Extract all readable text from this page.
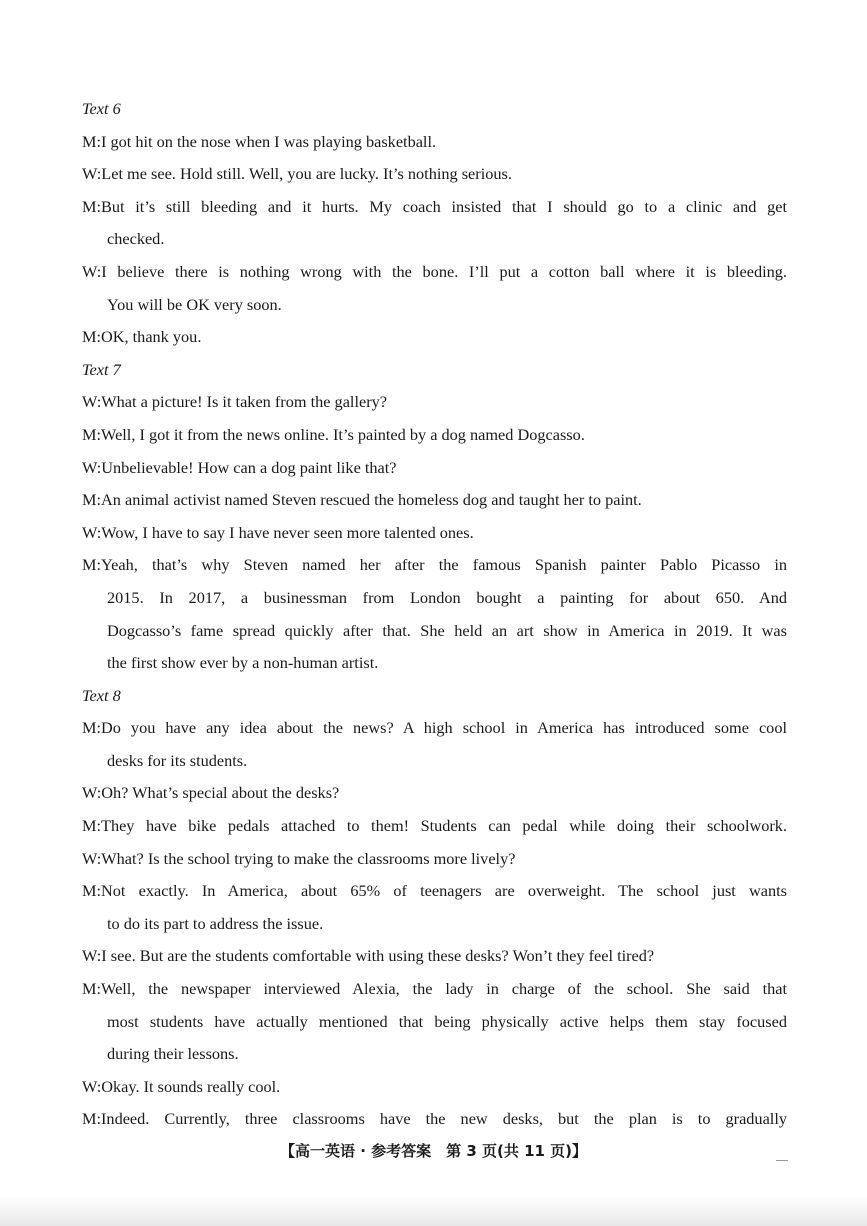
Text 6
M:I got hit on the nose when I was playing basketball.
W:Let me see. Hold still. Well, you are lucky. It’s nothing serious.
M:But it’s still bleeding and it hurts. My coach insisted that I should go to a clinic and get
checked.
W:I believe there is nothing wrong with the bone. I’ll put a cotton ball where it is bleeding.
You will be OK very soon.
M:OK, thank you.
Text 7
W:What a picture! Is it taken from the gallery?
M:Well, I got it from the news online. It’s painted by a dog named Dogcasso.
W:Unbelievable! How can a dog paint like that?
M:An animal activist named Steven rescued the homeless dog and taught her to paint.
W:Wow, I have to say I have never seen more talented ones.
M:Yeah, that’s why Steven named her after the famous Spanish painter Pablo Picasso in
2015. In 2017, a businessman from London bought a painting for about 650. And
Dogcasso’s fame spread quickly after that. She held an art show in America in 2019. It was
the first show ever by a non-human artist.
Text 8
M:Do you have any idea about the news? A high school in America has introduced some cool
desks for its students.
W:Oh? What’s special about the desks?
M:They have bike pedals attached to them! Students can pedal while doing their schoolwork.
W:What? Is the school trying to make the classrooms more lively?
M:Not exactly. In America, about 65% of teenagers are overweight. The school just wants
to do its part to address the issue.
W:I see. But are the students comfortable with using these desks? Won’t they feel tired?
M:Well, the newspaper interviewed Alexia, the lady in charge of the school. She said that
most students have actually mentioned that being physically active helps them stay focused
during their lessons.
W:Okay. It sounds really cool.
M:Indeed. Currently, three classrooms have the new desks, but the plan is to gradually
【高一英语 · 参考答案　第 3 页(共 11 页)】
